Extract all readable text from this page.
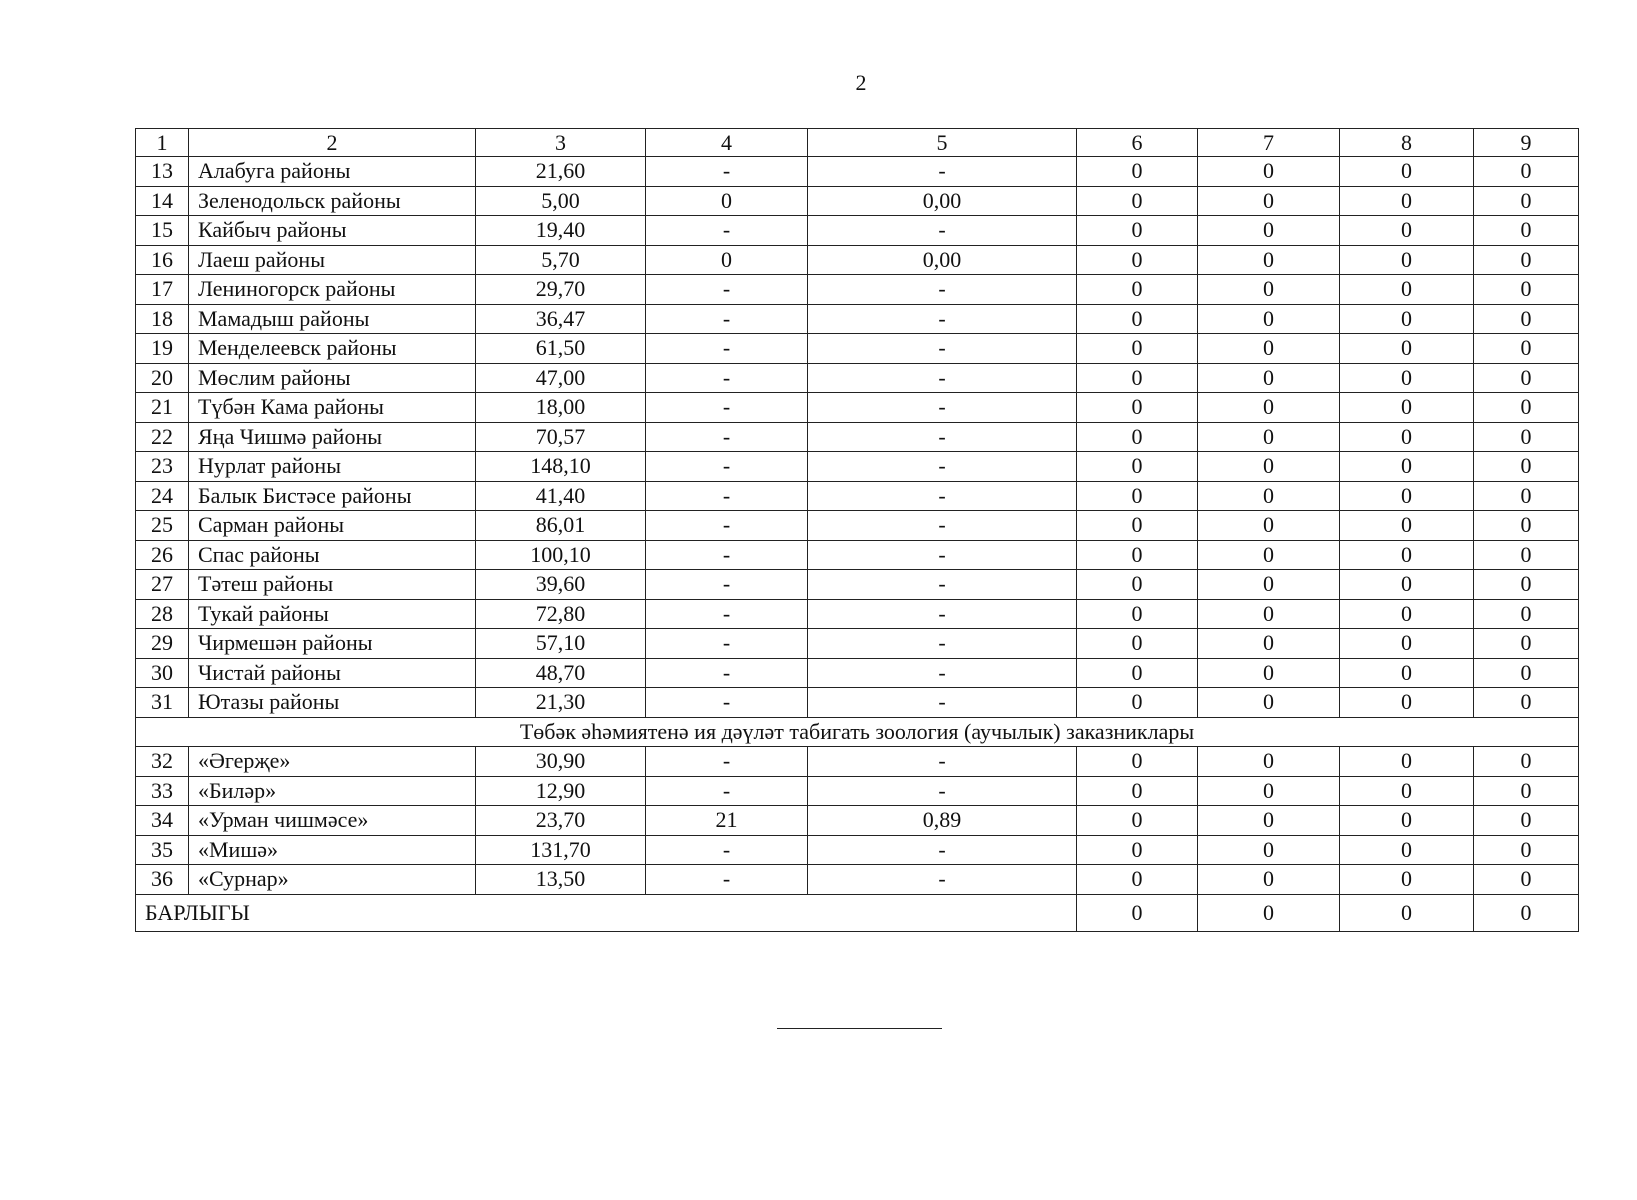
2
1	2	3	4	5	6	7	8	9
13	Алабуга районы	21,60	-	-	0	0	0	0
14	Зеленодольск районы	5,00	0	0,00	0	0	0	0
15	Кайбыч районы	19,40	-	-	0	0	0	0
16	Лаеш районы	5,70	0	0,00	0	0	0	0
17	Лениногорск районы	29,70	-	-	0	0	0	0
18	Мамадыш районы	36,47	-	-	0	0	0	0
19	Менделеевск районы	61,50	-	-	0	0	0	0
20	Мөслим районы	47,00	-	-	0	0	0	0
21	Түбән Кама районы	18,00	-	-	0	0	0	0
22	Яңа Чишмә районы	70,57	-	-	0	0	0	0
23	Нурлат районы	148,10	-	-	0	0	0	0
24	Балык Бистәсе районы	41,40	-	-	0	0	0	0
25	Сарман районы	86,01	-	-	0	0	0	0
26	Спас районы	100,10	-	-	0	0	0	0
27	Тәтеш районы	39,60	-	-	0	0	0	0
28	Тукай районы	72,80	-	-	0	0	0	0
29	Чирмешән районы	57,10	-	-	0	0	0	0
30	Чистай районы	48,70	-	-	0	0	0	0
31	Ютазы районы	21,30	-	-	0	0	0	0
Төбәк әһәмиятенә ия дәүләт табигать зоология (аучылык) заказниклары								
32	«Әгерҗе»	30,90	-	-	0	0	0	0
33	«Биләр»	12,90	-	-	0	0	0	0
34	«Урман чишмәсе»	23,70	21	0,89	0	0	0	0
35	«Мишә»	131,70	-	-	0	0	0	0
36	«Сурнар»	13,50	-	-	0	0	0	0
БАРЛЫГЫ					0	0	0	0
